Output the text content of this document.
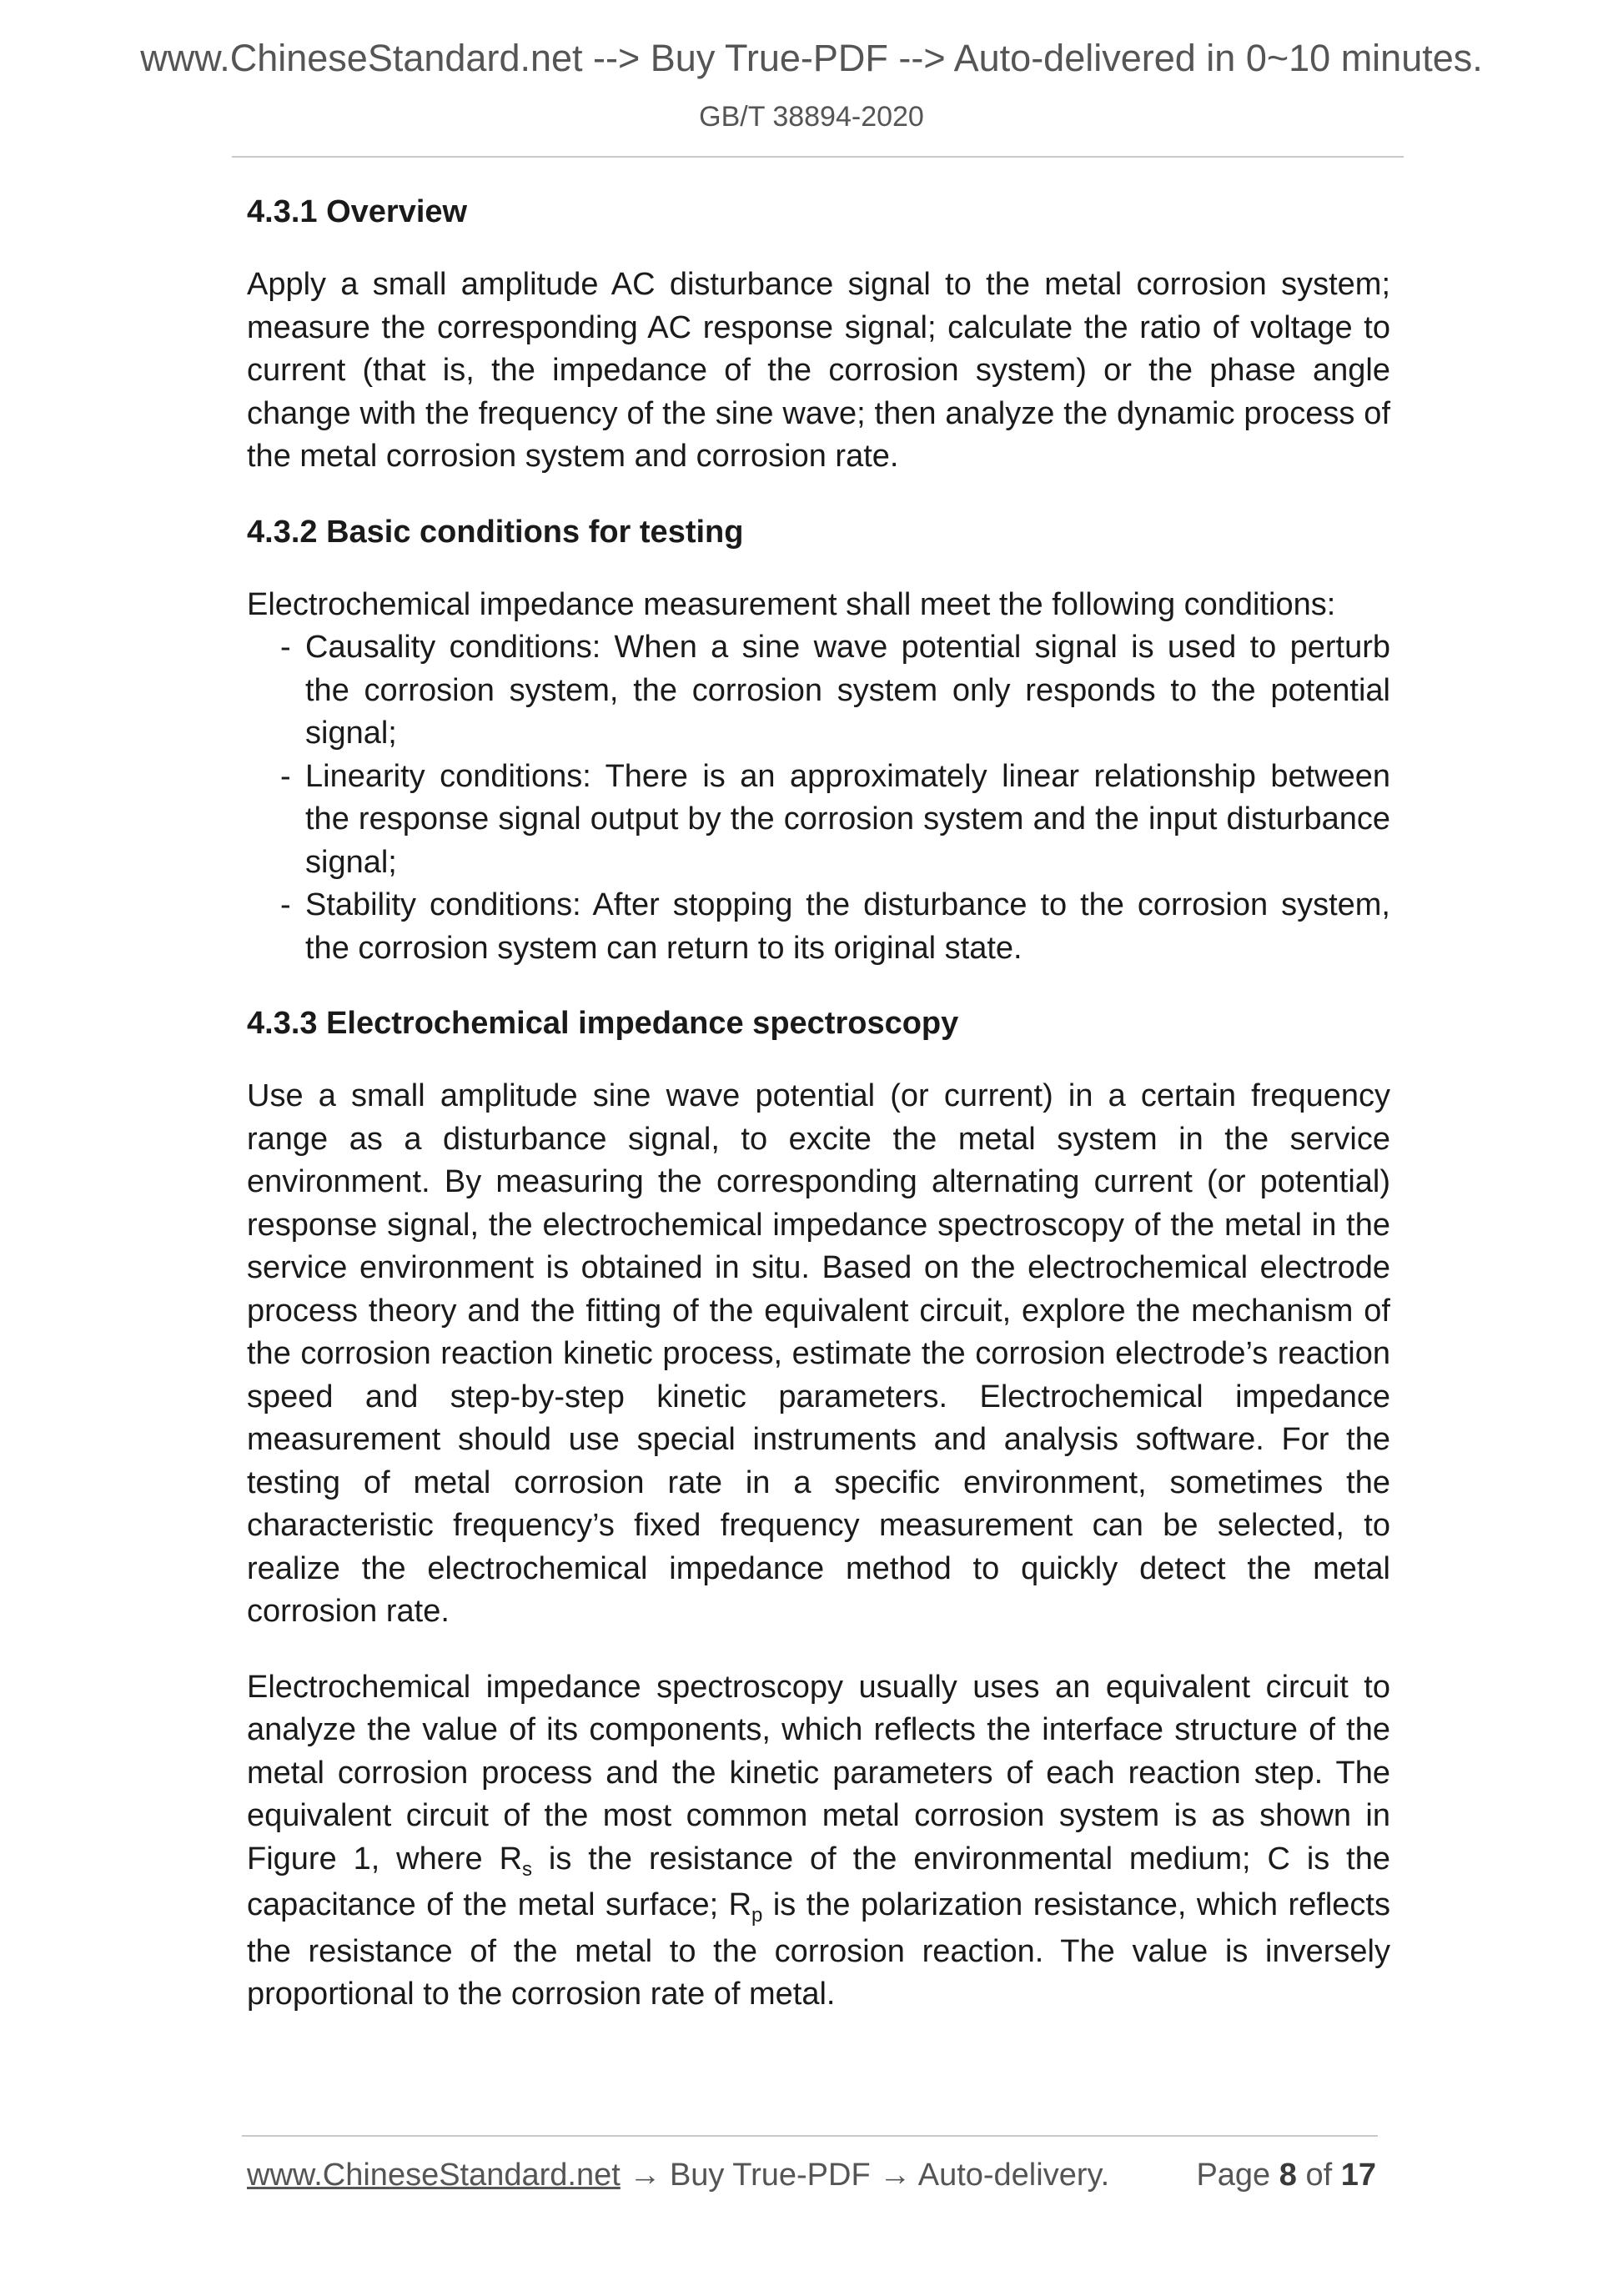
www.ChineseStandard.net --> Buy True-PDF --> Auto-delivered in 0~10 minutes.
GB/T 38894-2020

4.3.1 Overview

Apply a small amplitude AC disturbance signal to the metal corrosion system; measure the corresponding AC response signal; calculate the ratio of voltage to current (that is, the impedance of the corrosion system) or the phase angle change with the frequency of the sine wave; then analyze the dynamic process of the metal corrosion system and corrosion rate.

4.3.2 Basic conditions for testing

Electrochemical impedance measurement shall meet the following conditions:

- Causality conditions: When a sine wave potential signal is used to perturb the corrosion system, the corrosion system only responds to the potential signal;
- Linearity conditions: There is an approximately linear relationship between the response signal output by the corrosion system and the input disturbance signal;
- Stability conditions: After stopping the disturbance to the corrosion system, the corrosion system can return to its original state.

4.3.3 Electrochemical impedance spectroscopy

Use a small amplitude sine wave potential (or current) in a certain frequency range as a disturbance signal, to excite the metal system in the service environment. By measuring the corresponding alternating current (or potential) response signal, the electrochemical impedance spectroscopy of the metal in the service environment is obtained in situ. Based on the electrochemical electrode process theory and the fitting of the equivalent circuit, explore the mechanism of the corrosion reaction kinetic process, estimate the corrosion electrode’s reaction speed and step-by-step kinetic parameters. Electrochemical impedance measurement should use special instruments and analysis software. For the testing of metal corrosion rate in a specific environment, sometimes the characteristic frequency’s fixed frequency measurement can be selected, to realize the electrochemical impedance method to quickly detect the metal corrosion rate.

Electrochemical impedance spectroscopy usually uses an equivalent circuit to analyze the value of its components, which reflects the interface structure of the metal corrosion process and the kinetic parameters of each reaction step. The equivalent circuit of the most common metal corrosion system is as shown in Figure 1, where $R_s$ is the resistance of the environmental medium; C is the capacitance of the metal surface; $R_p$ is the polarization resistance, which reflects the resistance of the metal to the corrosion reaction. The value is inversely proportional to the corrosion rate of metal.

www.ChineseStandard.net → Buy True-PDF → Auto-delivery.	Page 8 of 17
